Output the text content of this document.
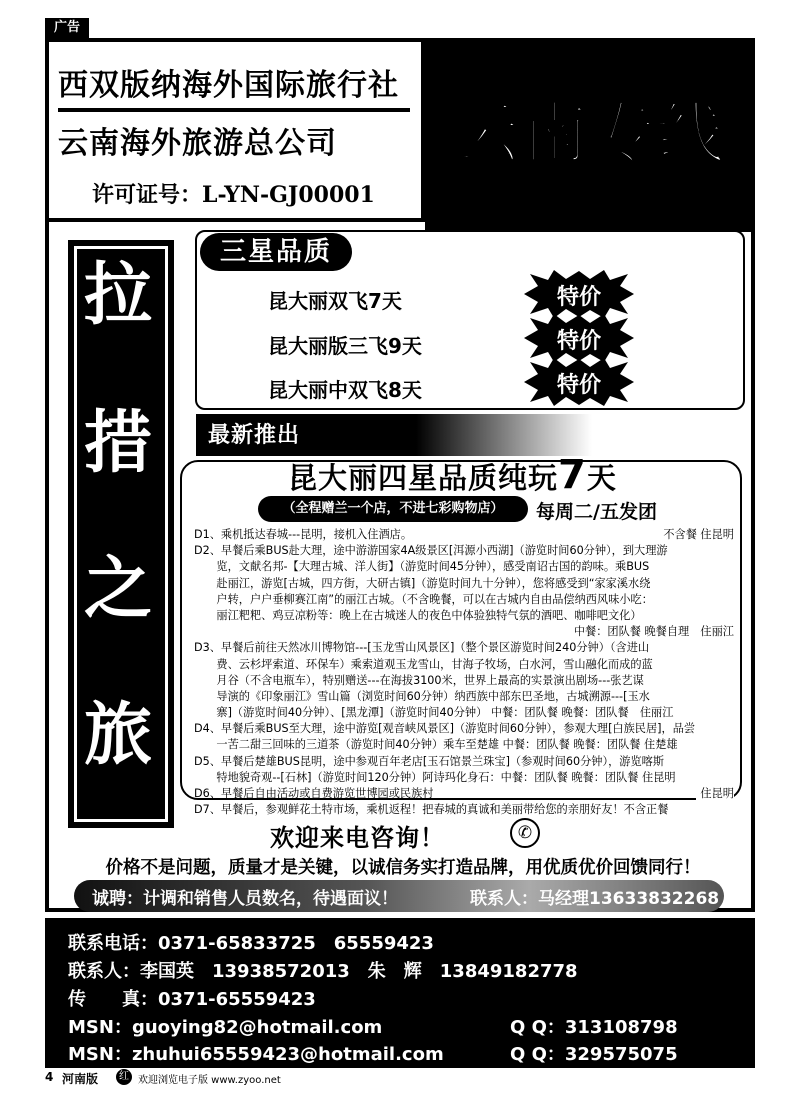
广告
西双版纳海外国际旅行社
云南海外旅游总公司
许可证号：L-YN-GJ00001
云南专线
拉
措
之
旅
三星品质
昆大丽双飞7天
昆大丽版三飞9天
昆大丽中双飞8天
特价
特价
特价
最新推出
昆大丽四星品质纯玩7天
（全程赠兰一个店，不进七彩购物店）	每周二/五发团
D1、乘机抵达春城---昆明，接机入住酒店。	不含餐 住昆明
D2、早餐后乘BUS赴大理，途中游游国家4A级景区[洱源小西湖]（游览时间60分钟），到大理游
　　览，文献名邦-【大理古城、洋人街】（游览时间45分钟），感受南诏古国的韵味。乘BUS
　　赴丽江，游览[古城，四方街，大研古镇]（游览时间九十分钟），您将感受到“家家溪水绕
　　户转，户户垂柳赛江南”的丽江古城。（不含晚餐，可以在古城内自由品偿纳西风味小吃：
　　丽江粑粑、鸡豆凉粉等：晚上在古城迷人的夜色中体验独特气氛的酒吧、咖啡吧文化）
中餐：团队餐 晚餐自理　住丽江
D3、早餐后前往天然冰川博物馆---[玉龙雪山风景区]（整个景区游览时间240分钟）（含进山
　　费、云杉坪索道、环保车）乘索道观玉龙雪山，甘海子牧场，白水河，雪山融化而成的蓝
　　月谷（不含电瓶车），特别赠送---在海拔3100米，世界上最高的实景演出剧场---张艺谋
　　导演的《印象丽江》雪山篇（浏览时间60分钟）纳西族中部东巴圣地，古城溯源---[玉水
　　寨]（游览时间40分钟）、[黑龙潭]（游览时间40分钟） 中餐：团队餐 晚餐：团队餐　住丽江
D4、早餐后乘BUS至大理，途中游览[观音峡风景区]（游览时间60分钟），参观大理[白族民居]，品尝
　　一苦二甜三回味的三道茶（游览时间40分钟）乘车至楚雄 中餐：团队餐 晚餐：团队餐 住楚雄
D5、早餐后楚雄BUS昆明，途中参观百年老店[玉石馆景兰珠宝]（参观时间60分钟），游览喀斯
　　特地貌奇观--[石林]（游览时间120分钟）阿诗玛化身石：中餐：团队餐 晚餐：团队餐 住昆明
D6、早餐后自由活动或自费游览世博园或民族村	住昆明
D7、早餐后，参观鲜花土特市场，乘机返程！把春城的真诚和美丽带给您的亲朋好友！不含正餐
欢迎来电咨询！	✆
价格不是问题，质量才是关键，以诚信务实打造品牌，用优质优价回馈同行！
诚聘：计调和销售人员数名，待遇面议！	联系人：马经理13633832268
联系电话：0371-65833725　65559423
联系人：李国英　13938572013　朱　辉　13849182778
传　　真：0371-65559423
MSN：guoying82@hotmail.com	Q Q：313108798
MSN：zhuhui65559423@hotmail.com	Q Q：329575075
4 河南版	红 欢迎浏览电子版 www.zyoo.net
